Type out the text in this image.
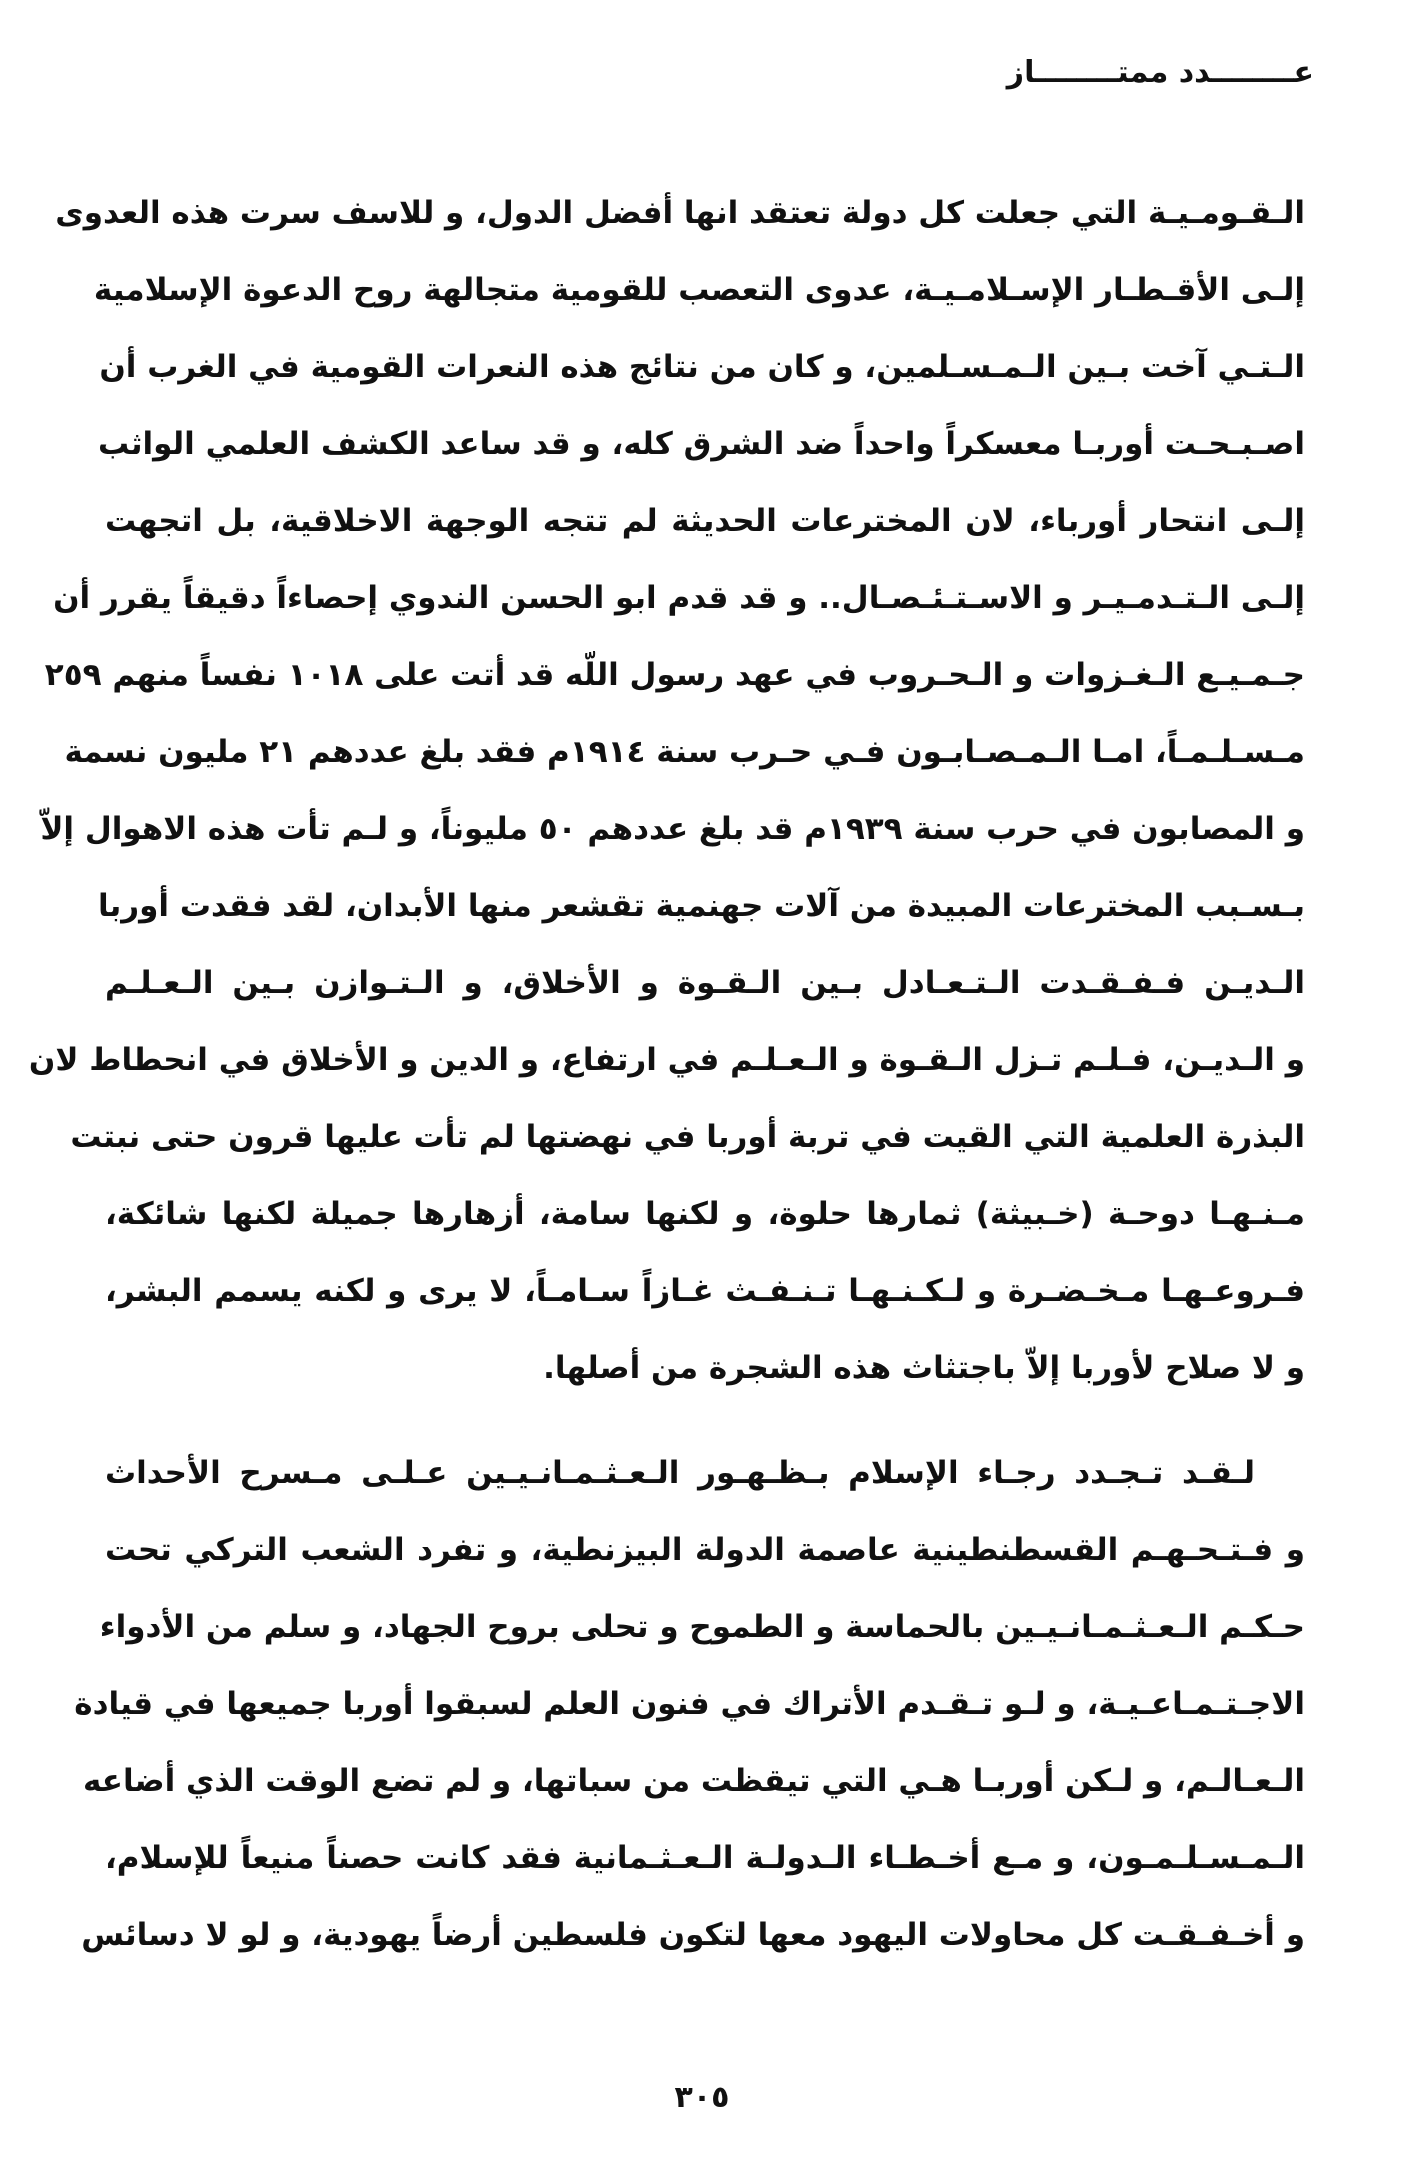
عــــــــدد ممتــــــــاز
الـقـومـيـة التي جعلت كل دولة تعتقد انها أفضل الدول، و للاسف سرت هذه العدوى
إلـى الأقـطـار الإسـلامـيـة، عدوى التعصب للقومية متجالهة روح الدعوة الإسلامية
الـتـي آخت بـين الـمـسـلمين، و كان من نتائج هذه النعرات القومية في الغرب أن
اصـبـحـت أوربـا معسكراً واحداً ضد الشرق كله، و قد ساعد الكشف العلمي الواثب
إلـى انتحار أورباء، لان المخترعات الحديثة لم تتجه الوجهة الاخلاقية، بل اتجهت
إلـى الـتـدمـيـر و الاسـتـئـصـال.. و قد قدم ابو الحسن الندوي إحصاءاً دقيقاً يقرر أن
جـمـيـع الـغـزوات و الـحـروب في عهد رسول اللّه قد أتت على ١٠١٨ نفساً منهم ٢٥٩
مـسـلـمـاً، امـا الـمـصـابـون فـي حـرب سنة ١٩١٤م فقد بلغ عددهم ٢١ مليون نسمة
و المصابون في حرب سنة ١٩٣٩م قد بلغ عددهم ٥٠ مليوناً، و لـم تأت هذه الاهوال إلاّ
بـسـبب المخترعات المبيدة من آلات جهنمية تقشعر منها الأبدان، لقد فقدت أوربا
الـديـن فـفـقـدت الـتـعـادل بـين الـقـوة و الأخلاق، و الـتـوازن بـين الـعـلـم
و الـديـن، فـلـم تـزل الـقـوة و الـعـلـم في ارتفاع، و الدين و الأخلاق في انحطاط لان
البذرة العلمية التي القيت في تربة أوربا في نهضتها لم تأت عليها قرون حتى نبتت
مـنـهـا دوحـة (خـبيثة) ثمارها حلوة، و لكنها سامة، أزهارها جميلة لكنها شائكة،
فـروعـهـا مـخـضـرة و لـكـنـهـا تـنـفـث غـازاً سـامـاً، لا يرى و لكنه يسمم البشر،
و لا صلاح لأوربا إلاّ باجتثاث هذه الشجرة من أصلها.
لـقـد تـجـدد رجـاء الإسلام بـظـهـور الـعـثـمـانـيـين عـلـى مـسرح الأحداث
و فـتـحـهـم القسطنطينية عاصمة الدولة البيزنطية، و تفرد الشعب التركي تحت
حـكـم الـعـثـمـانـيـين بالحماسة و الطموح و تحلى بروح الجهاد، و سلم من الأدواء
الاجـتـمـاعـيـة، و لـو تـقـدم الأتراك في فنون العلم لسبقوا أوربا جميعها في قيادة
الـعـالـم، و لـكن أوربـا هـي التي تيقظت من سباتها، و لم تضع الوقت الذي أضاعه
الـمـسـلـمـون، و مـع أخـطـاء الـدولـة الـعـثـمانية فقد كانت حصناً منيعاً للإسلام،
و أخـفـقـت كل محاولات اليهود معها لتكون فلسطين أرضاً يهودية، و لو لا دسائس
٣٠٥
